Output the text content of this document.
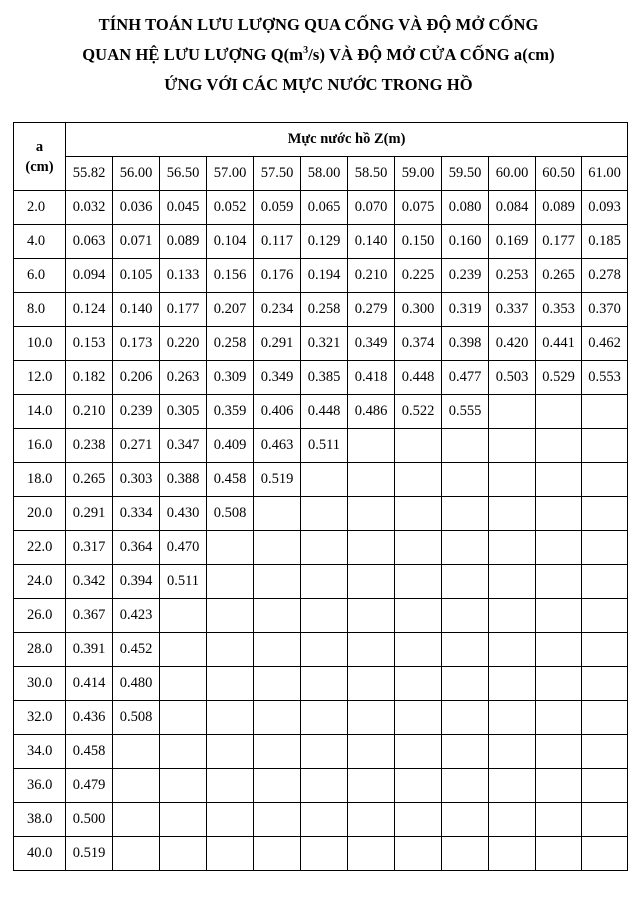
TÍNH TOÁN LƯU LƯỢNG QUA CỐNG VÀ ĐỘ MỞ CỐNG
QUAN HỆ LƯU LƯỢNG $Q(m^3/s)$ VÀ ĐỘ MỞ CỬA CỐNG a(cm)
ỨNG VỚI CÁC MỰC NƯỚC TRONG HỒ
a
(cm)	Mực nước hồ Z(m)											
	55.82	56.00	56.50	57.00	57.50	58.00	58.50	59.00	59.50	60.00	60.50	61.00
2.0	0.032	0.036	0.045	0.052	0.059	0.065	0.070	0.075	0.080	0.084	0.089	0.093
4.0	0.063	0.071	0.089	0.104	0.117	0.129	0.140	0.150	0.160	0.169	0.177	0.185
6.0	0.094	0.105	0.133	0.156	0.176	0.194	0.210	0.225	0.239	0.253	0.265	0.278
8.0	0.124	0.140	0.177	0.207	0.234	0.258	0.279	0.300	0.319	0.337	0.353	0.370
10.0	0.153	0.173	0.220	0.258	0.291	0.321	0.349	0.374	0.398	0.420	0.441	0.462
12.0	0.182	0.206	0.263	0.309	0.349	0.385	0.418	0.448	0.477	0.503	0.529	0.553
14.0	0.210	0.239	0.305	0.359	0.406	0.448	0.486	0.522	0.555			
16.0	0.238	0.271	0.347	0.409	0.463	0.511						
18.0	0.265	0.303	0.388	0.458	0.519							
20.0	0.291	0.334	0.430	0.508								
22.0	0.317	0.364	0.470									
24.0	0.342	0.394	0.511									
26.0	0.367	0.423										
28.0	0.391	0.452										
30.0	0.414	0.480										
32.0	0.436	0.508										
34.0	0.458											
36.0	0.479											
38.0	0.500											
40.0	0.519											
